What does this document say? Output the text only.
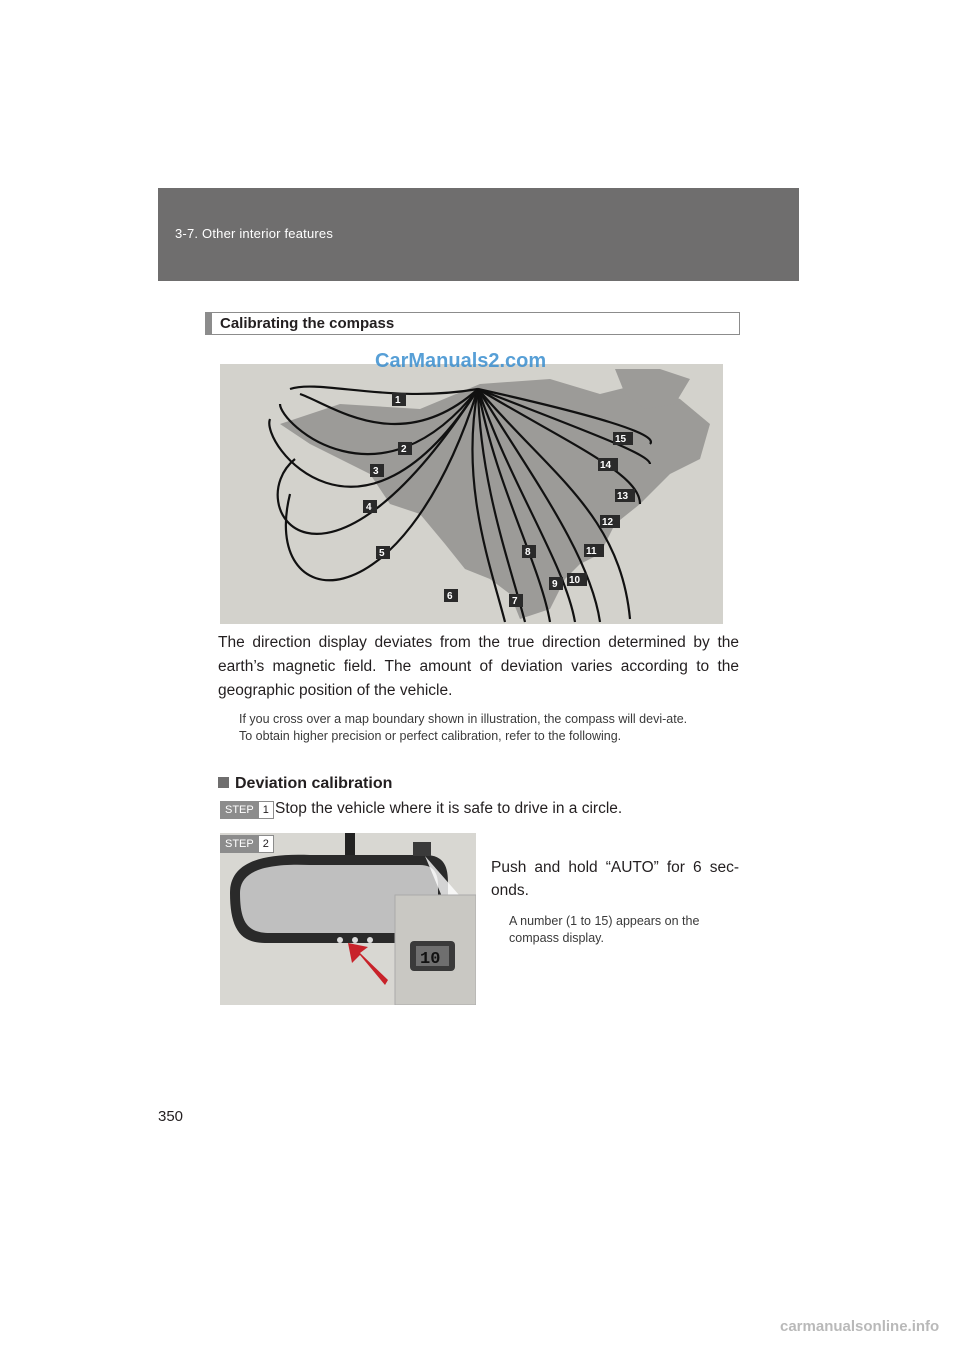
3-7. Other interior features
Calibrating the compass
1
2
3
4
5
6	7
8
9 10
11
12
13
14
15
CarManuals2.com
The direction display deviates from the true direction determined by the earth’s magnetic field. The amount of deviation varies according to the geographic position of the vehicle.
If you cross over a map boundary shown in illustration, the compass will devi-ate.
To obtain higher precision or perfect calibration, refer to the following.
Deviation calibration
STEP 1 Stop the vehicle where it is safe to drive in a circle.
10
STEP 2
Push and hold “AUTO” for 6 sec-onds.
A number (1 to 15) appears on the compass display.
350
carmanualsonline.info
